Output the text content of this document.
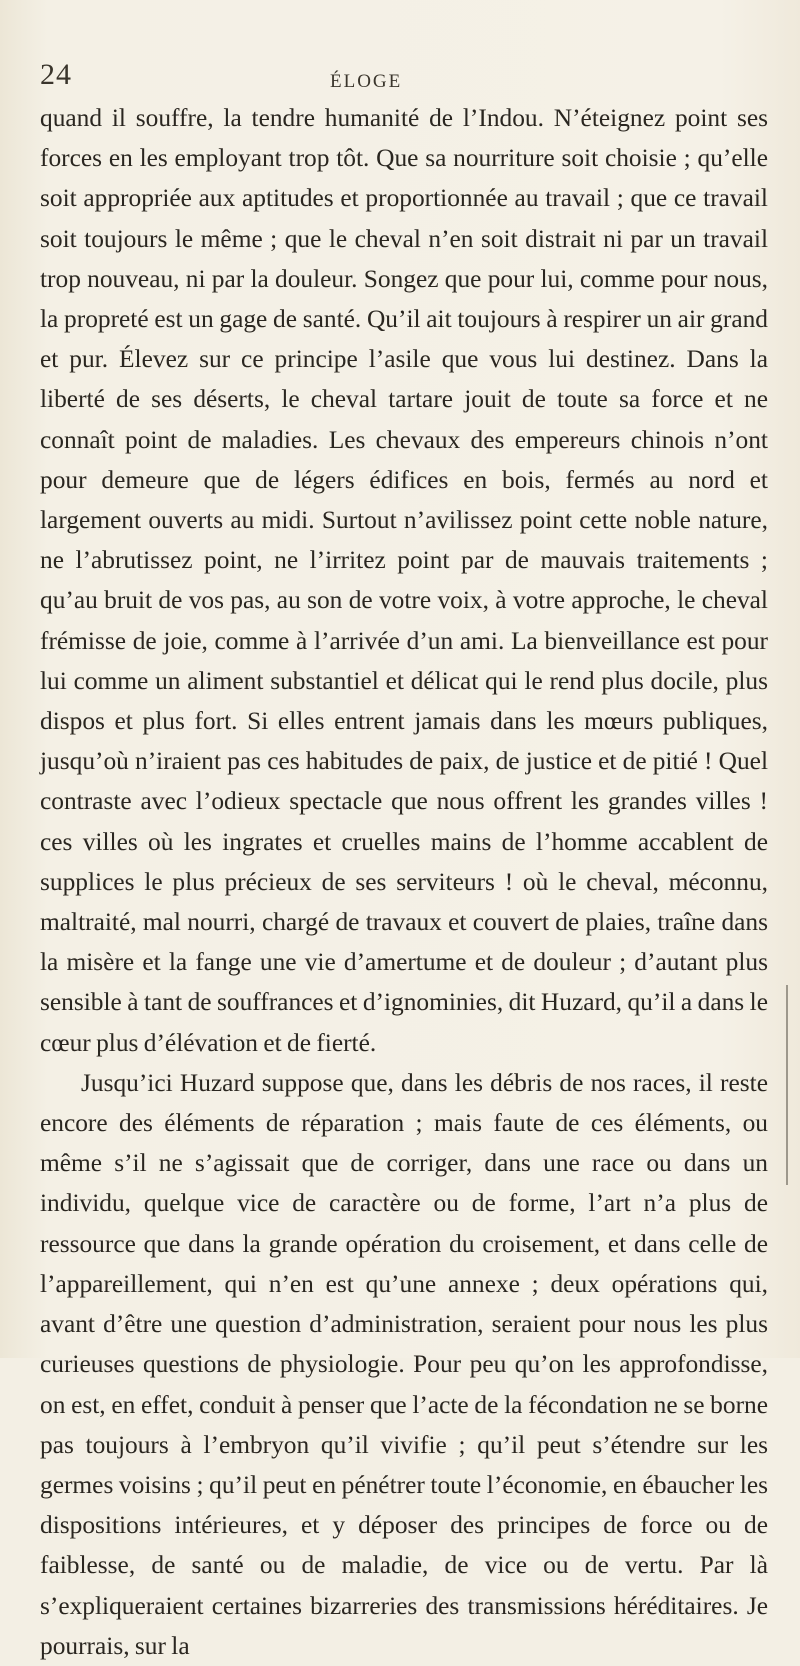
24	ÉLOGE

quand il souffre, la tendre humanité de l’Indou. N’éteignez point ses forces en les employant trop tôt. Que sa nourriture soit choisie ; qu’elle soit appropriée aux aptitudes et proportionnée au travail ; que ce travail soit toujours le même ; que le cheval n’en soit distrait ni par un travail trop nouveau, ni par la douleur. Songez que pour lui, comme pour nous, la propreté est un gage de santé. Qu’il ait toujours à respirer un air grand et pur. Élevez sur ce principe l’asile que vous lui destinez. Dans la liberté de ses déserts, le cheval tartare jouit de toute sa force et ne connaît point de maladies. Les chevaux des empereurs chinois n’ont pour demeure que de légers édifices en bois, fermés au nord et largement ouverts au midi. Surtout n’avilissez point cette noble nature, ne l’abrutissez point, ne l’irritez point par de mauvais traitements ; qu’au bruit de vos pas, au son de votre voix, à votre approche, le cheval frémisse de joie, comme à l’arrivée d’un ami. La bienveillance est pour lui comme un aliment substantiel et délicat qui le rend plus docile, plus dispos et plus fort. Si elles entrent jamais dans les mœurs publiques, jusqu’où n’iraient pas ces habitudes de paix, de justice et de pitié ! Quel contraste avec l’odieux spectacle que nous offrent les grandes villes ! ces villes où les ingrates et cruelles mains de l’homme accablent de supplices le plus précieux de ses serviteurs ! où le cheval, méconnu, maltraité, mal nourri, chargé de travaux et couvert de plaies, traîne dans la misère et la fange une vie d’amertume et de douleur ; d’autant plus sensible à tant de souffrances et d’ignominies, dit Huzard, qu’il a dans le cœur plus d’élévation et de fierté.

Jusqu’ici Huzard suppose que, dans les débris de nos races, il reste encore des éléments de réparation ; mais faute de ces éléments, ou même s’il ne s’agissait que de corriger, dans une race ou dans un individu, quelque vice de caractère ou de forme, l’art n’a plus de ressource que dans la grande opération du croisement, et dans celle de l’appareillement, qui n’en est qu’une annexe ; deux opérations qui, avant d’être une question d’administration, seraient pour nous les plus curieuses questions de physiologie. Pour peu qu’on les approfondisse, on est, en effet, conduit à penser que l’acte de la fécondation ne se borne pas toujours à l’embryon qu’il vivifie ; qu’il peut s’étendre sur les germes voisins ; qu’il peut en pénétrer toute l’économie, en ébaucher les dispositions intérieures, et y déposer des principes de force ou de faiblesse, de santé ou de maladie, de vice ou de vertu. Par là s’expliqueraient certaines bizarreries des transmissions héréditaires. Je pourrais, sur la
